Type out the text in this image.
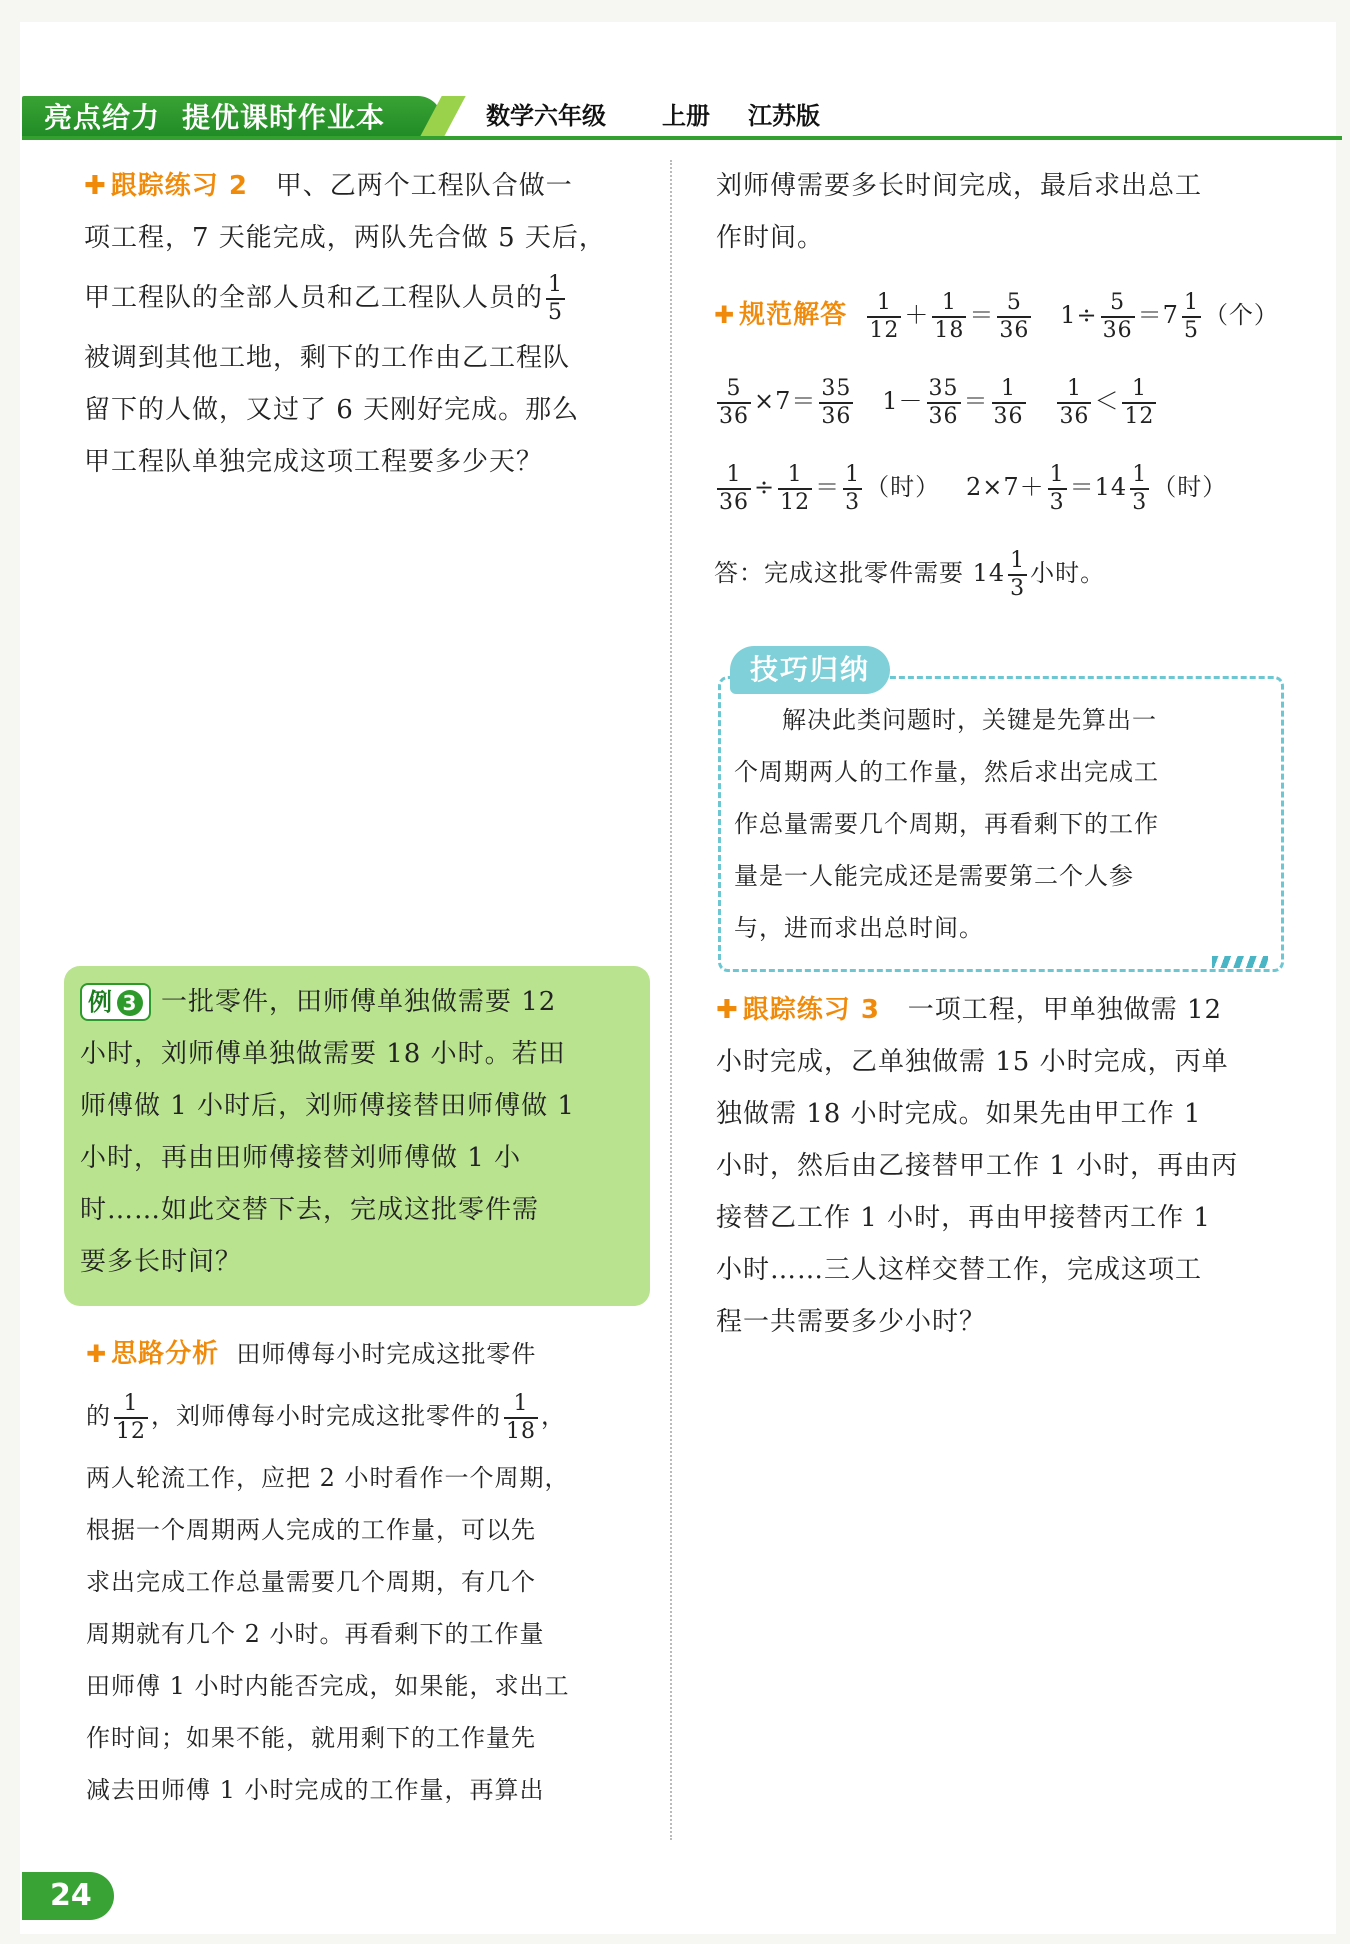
亮点给力 提优课时作业本	数学六年级 上册 江苏版
✚ 跟踪练习 2 甲、乙两个工程队合做一
项工程，7 天能完成，两队先合做 5 天后，
甲工程队的全部人员和乙工程队人员的 $\frac{1}{5}$
被调到其他工地，剩下的工作由乙工程队
留下的人做，又过了 6 天刚好完成。那么
甲工程队单独完成这项工程要多少天？
例 3 一批零件，田师傅单独做需要 12
小时，刘师傅单独做需要 18 小时。若田
师傅做 1 小时后，刘师傅接替田师傅做 1
小时，再由田师傅接替刘师傅做 1 小
时……如此交替下去，完成这批零件需
要多长时间？
✚ 思路分析 田师傅每小时完成这批零件
的 $\frac{1}{12}$ ，刘师傅每小时完成这批零件的 $\frac{1}{18}$ ，
两人轮流工作，应把 2 小时看作一个周期，
根据一个周期两人完成的工作量，可以先
求出完成工作总量需要几个周期，有几个
周期就有几个 2 小时。再看剩下的工作量
田师傅 1 小时内能否完成，如果能，求出工
作时间；如果不能，就用剩下的工作量先
减去田师傅 1 小时完成的工作量，再算出
刘师傅需要多长时间完成，最后求出总工
作时间。
✚ 规范解答 $\frac{1}{12} + \frac{1}{18} = \frac{5}{36} 1\div \frac{5}{36} =7 \frac{1}{5}$ （个）
$\frac{5}{36} \times 7= \frac{35}{36} 1- \frac{35}{36} = \frac{1}{36}$
$\frac{1}{36} < \frac{1}{12}$
$\frac{1}{36} \div \frac{1}{12} = \frac{1}{3}$ （时）   $2\times 7+ \frac{1}{3} =14 \frac{1}{3}$ （时）
答：完成这批零件需要 $14 \frac{1}{3}$ 小时。
技巧归纳
解决此类问题时，关键是先算出一
个周期两人的工作量，然后求出完成工
作总量需要几个周期，再看剩下的工作
量是一人能完成还是需要第二个人参
与，进而求出总时间。
✚ 跟踪练习 3 一项工程，甲单独做需 12
小时完成，乙单独做需 15 小时完成，丙单
独做需 18 小时完成。如果先由甲工作 1
小时，然后由乙接替甲工作 1 小时，再由丙
接替乙工作 1 小时，再由甲接替丙工作 1
小时……三人这样交替工作，完成这项工
程一共需要多少小时？
24
